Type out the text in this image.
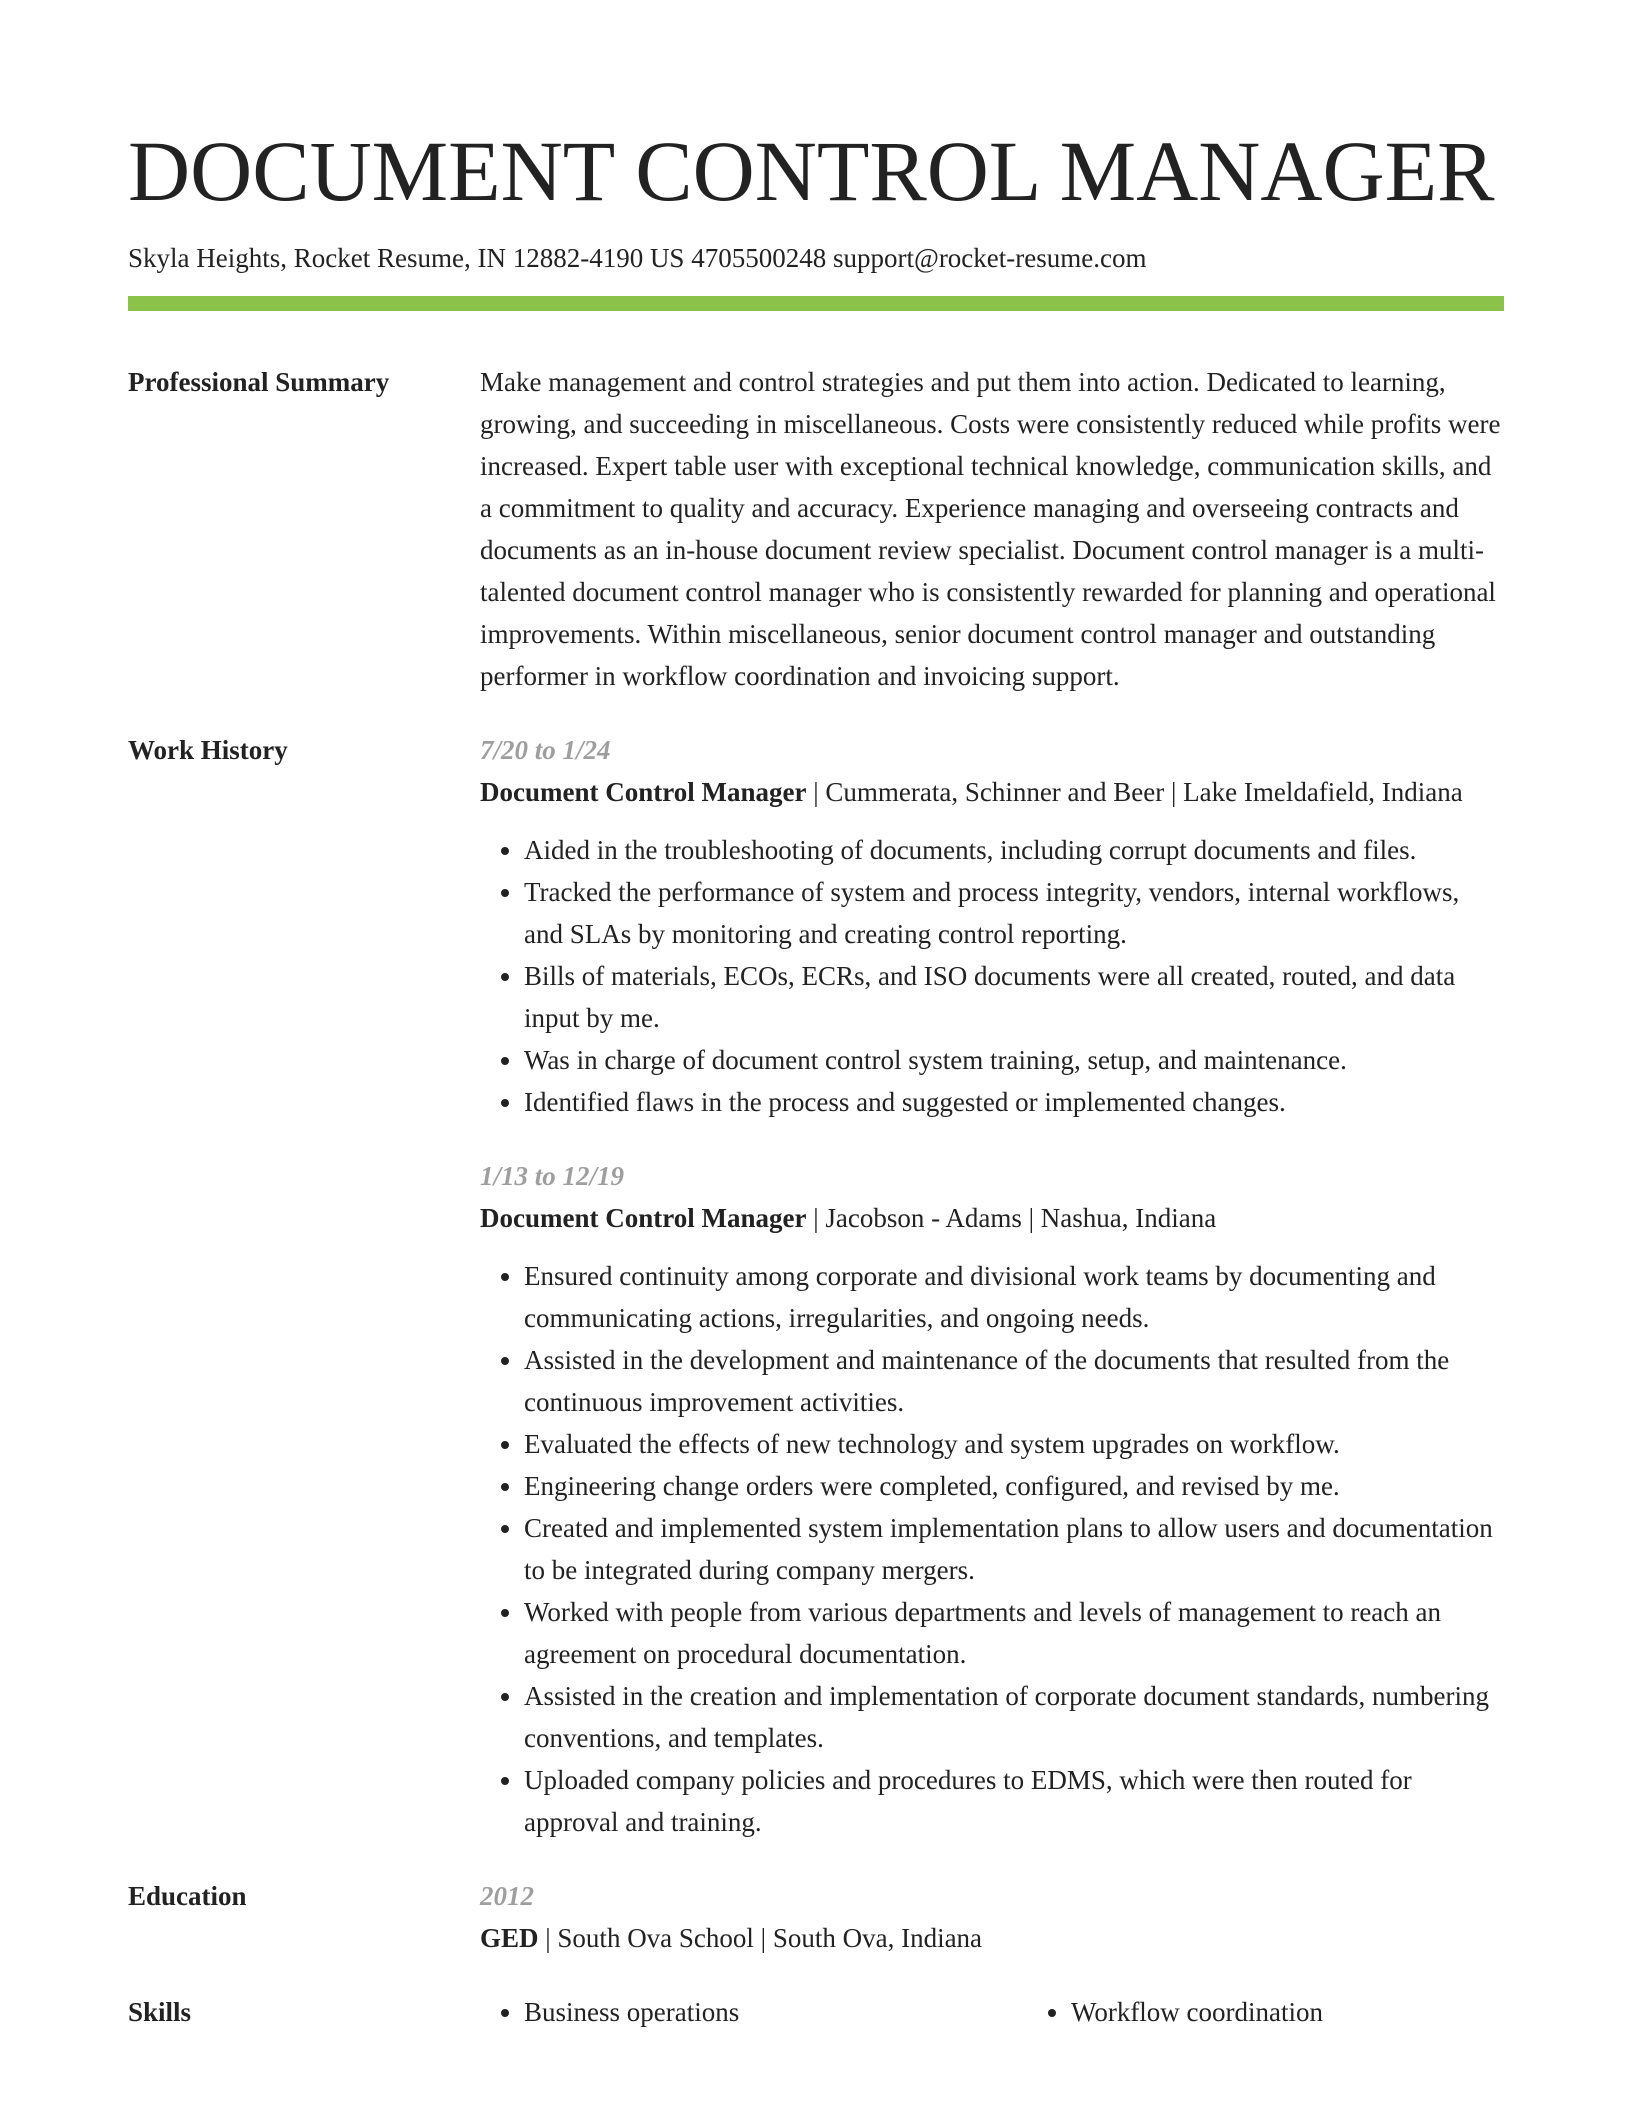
DOCUMENT CONTROL MANAGER
Skyla Heights, Rocket Resume, IN 12882-4190 US 4705500248 support@rocket-resume.com
Professional Summary	Make management and control strategies and put them into action. Dedicated to learning, growing, and succeeding in miscellaneous. Costs were consistently reduced while profits were increased. Expert table user with exceptional technical knowledge, communication skills, and a commitment to quality and accuracy. Experience managing and overseeing contracts and documents as an in-house document review specialist. Document control manager is a multi-talented document control manager who is consistently rewarded for planning and operational improvements. Within miscellaneous, senior document control manager and outstanding performer in workflow coordination and invoicing support.
Work History	7/20 to 1/24
Document Control Manager | Cummerata, Schinner and Beer | Lake Imeldafield, Indiana
• Aided in the troubleshooting of documents, including corrupt documents and files.
• Tracked the performance of system and process integrity, vendors, internal workflows, and SLAs by monitoring and creating control reporting.
• Bills of materials, ECOs, ECRs, and ISO documents were all created, routed, and data input by me.
• Was in charge of document control system training, setup, and maintenance.
• Identified flaws in the process and suggested or implemented changes.
1/13 to 12/19
Document Control Manager | Jacobson - Adams | Nashua, Indiana
• Ensured continuity among corporate and divisional work teams by documenting and communicating actions, irregularities, and ongoing needs.
• Assisted in the development and maintenance of the documents that resulted from the continuous improvement activities.
• Evaluated the effects of new technology and system upgrades on workflow.
• Engineering change orders were completed, configured, and revised by me.
• Created and implemented system implementation plans to allow users and documentation to be integrated during company mergers.
• Worked with people from various departments and levels of management to reach an agreement on procedural documentation.
• Assisted in the creation and implementation of corporate document standards, numbering conventions, and templates.
• Uploaded company policies and procedures to EDMS, which were then routed for approval and training.
Education	2012
GED | South Ova School | South Ova, Indiana
Skills	• Business operations	• Workflow coordination
